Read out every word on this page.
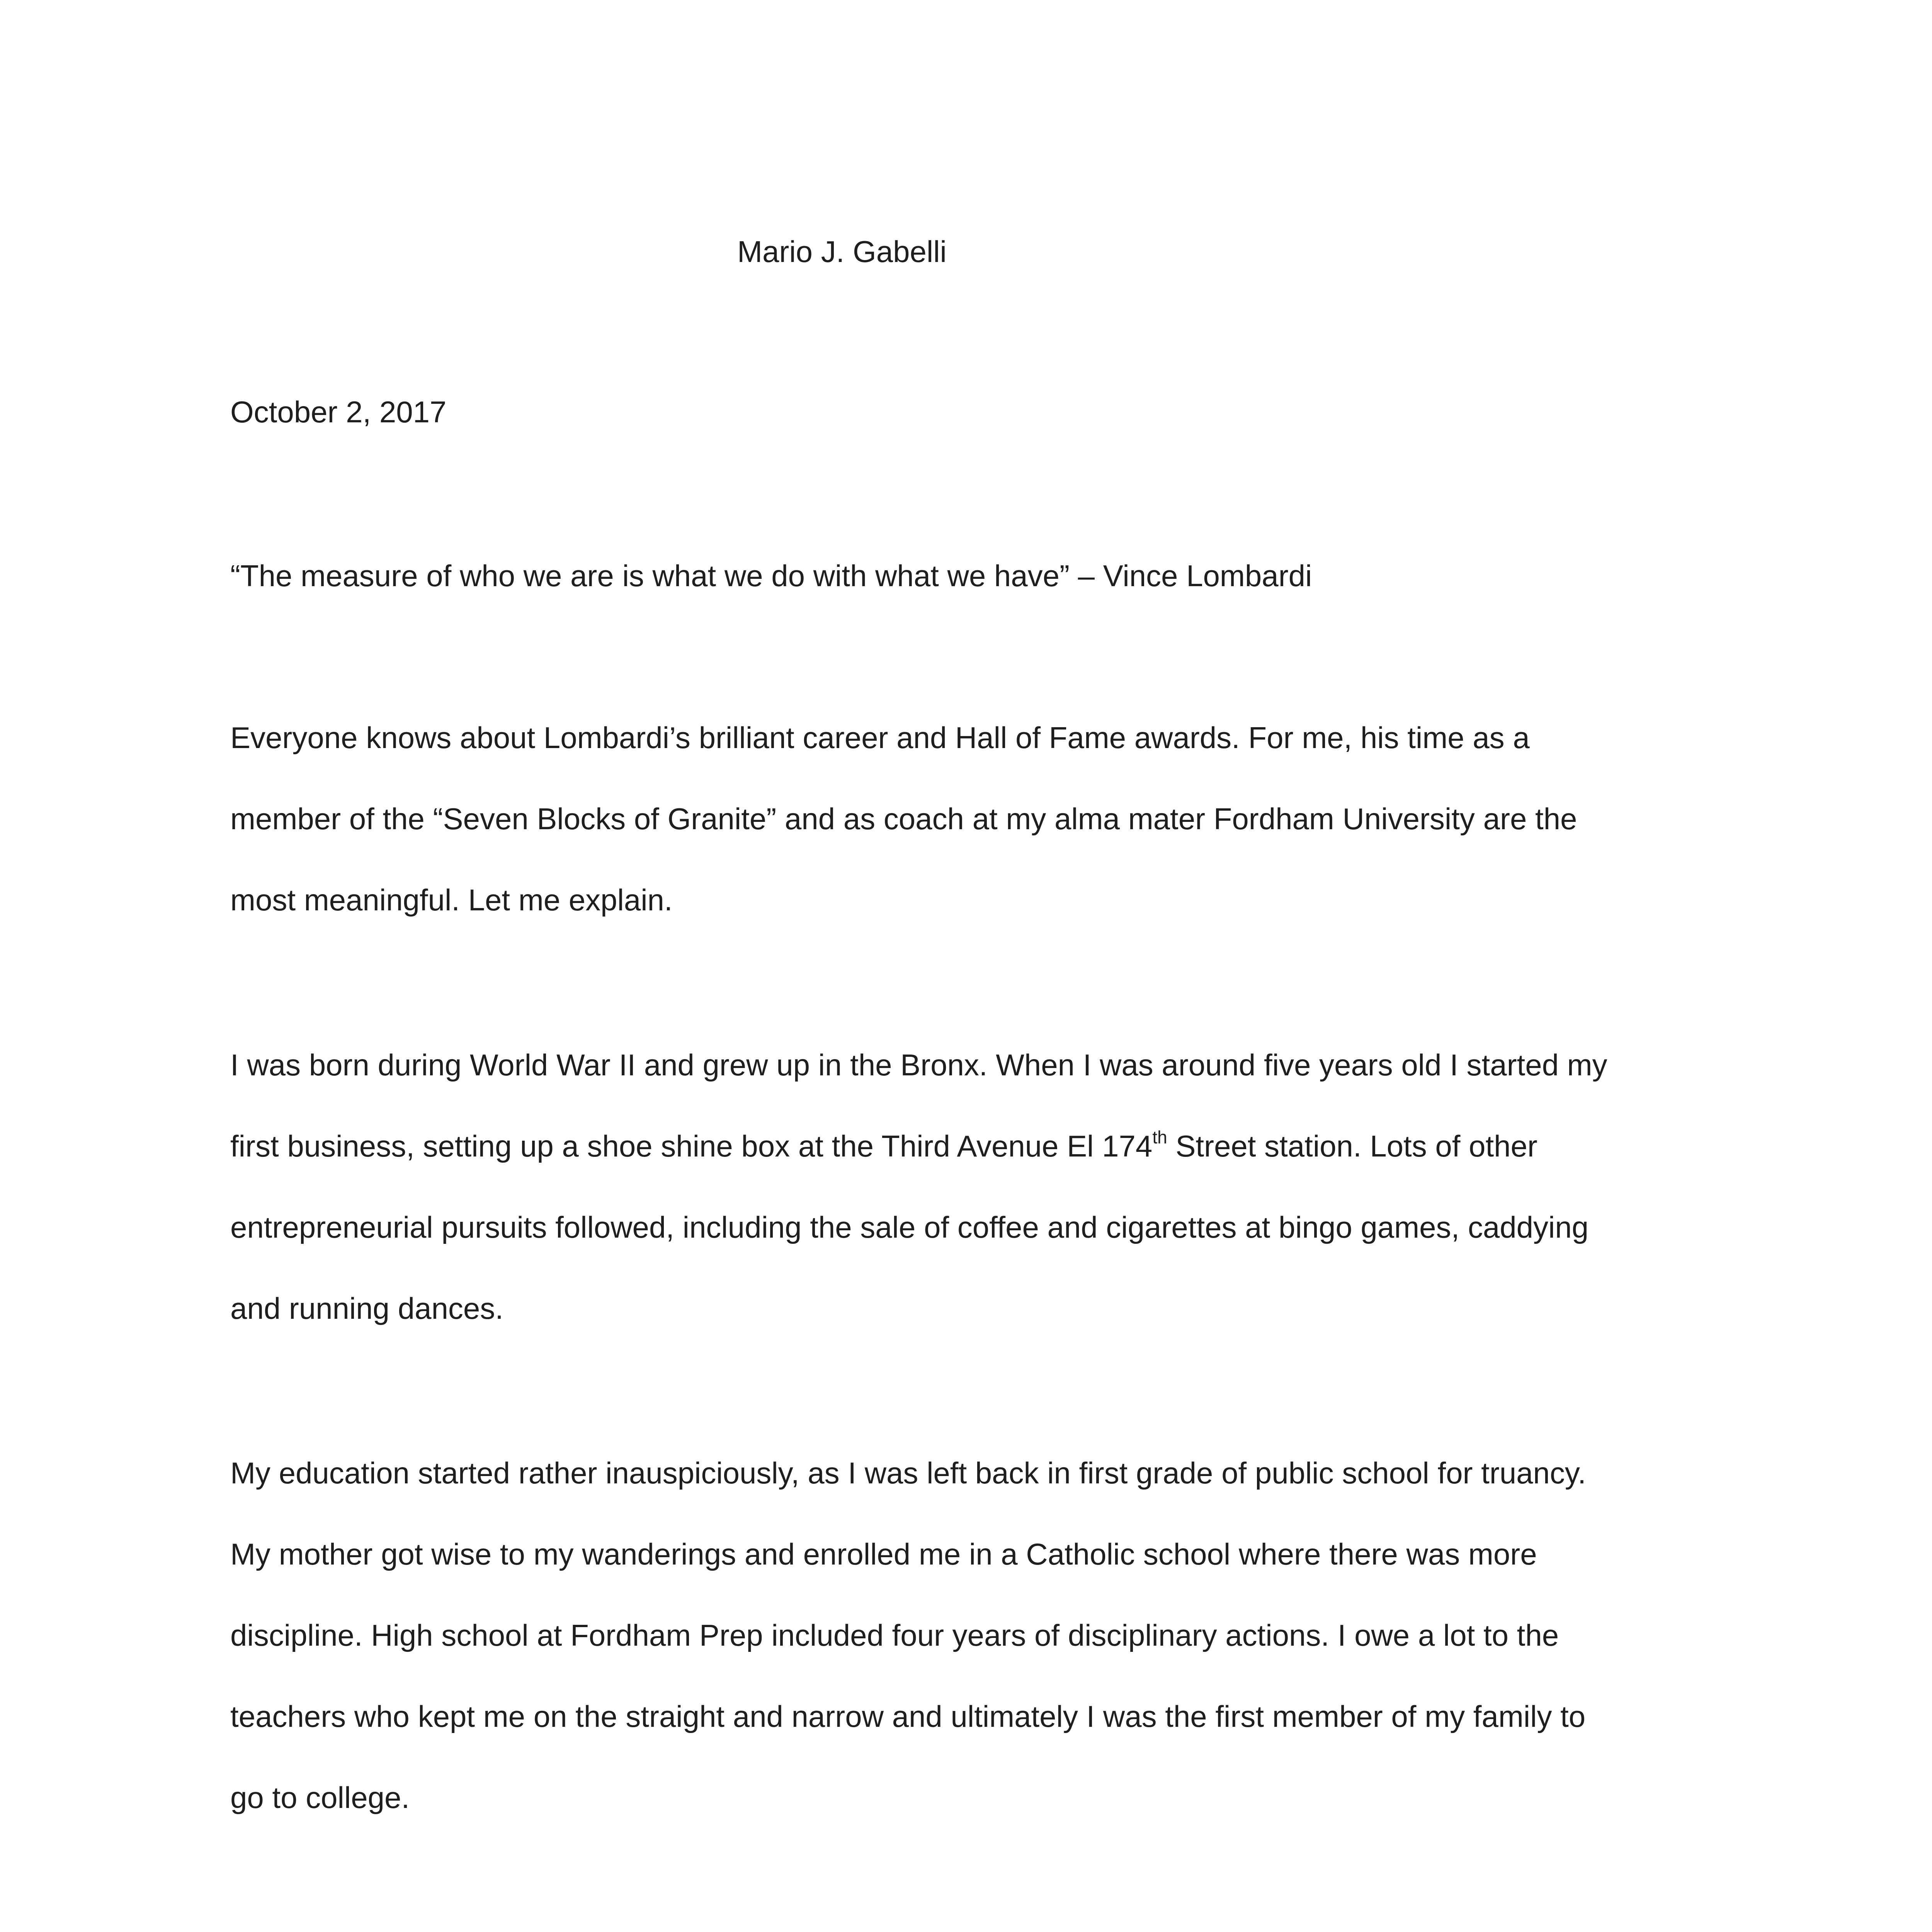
Mario J. Gabelli
October 2, 2017
“The measure of who we are is what we do with what we have” – Vince Lombardi
Everyone knows about Lombardi’s brilliant career and Hall of Fame awards. For me, his time as a
member of the “Seven Blocks of Granite” and as coach at my alma mater Fordham University are the
most meaningful. Let me explain.
I was born during World War II and grew up in the Bronx. When I was around five years old I started my
first business, setting up a shoe shine box at the Third Avenue El 174th Street station. Lots of other
entrepreneurial pursuits followed, including the sale of coffee and cigarettes at bingo games, caddying
and running dances.
My education started rather inauspiciously, as I was left back in first grade of public school for truancy.
My mother got wise to my wanderings and enrolled me in a Catholic school where there was more
discipline. High school at Fordham Prep included four years of disciplinary actions. I owe a lot to the
teachers who kept me on the straight and narrow and ultimately I was the first member of my family to
go to college.
